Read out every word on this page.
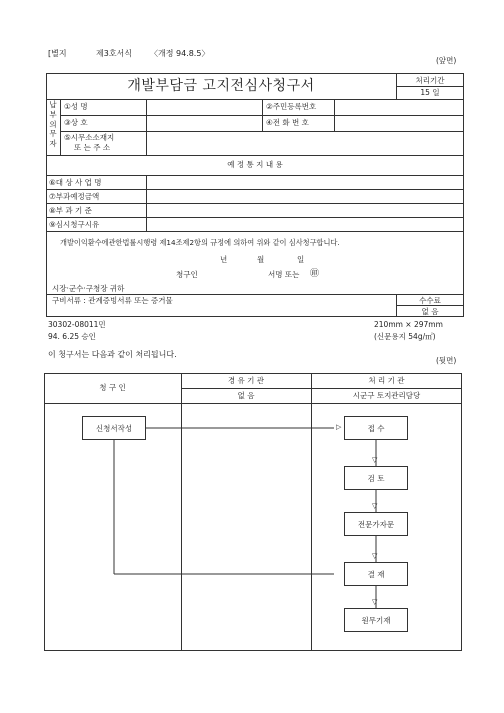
[별지	제3호서식 〈개정 94.8.5〉
(앞면)
개발부담금 고지전심사청구서	처리기간
15 일
납
부
의
무
자
①성 명	②주민등록번호
③상 호	④전 화 번 호
⑤시무소소재지
또 는 주 소
예 정 통 지 내 용
⑥대 상 사 업 명
⑦부과예정금액
⑧부 과 기 준
⑨심시청구시유
개발이익환수에관한법률시행령 제14조제2항의 규정에 의하여 위와 같이 심사청구합니다.
년	월	일
청구인	서명 또는 ㊞
시장·군수·구청장 귀하
구비서류 : 관계증빙서류 또는 증거물	수수료
없 음
30302-08011민
94. 6.25 승인
210mm × 297mm
(신문용지 54g/㎡)
이 청구서는 다음과 같이 처리됩니다.
(뒷면)
청 구 인
경 유 기 관	처 리 기 관
없 음	시군구 토지관리담당
▷
▽
▽
▽
▽
신청서작성	접 수
검 토
전문가자문
결 재
원무기재
